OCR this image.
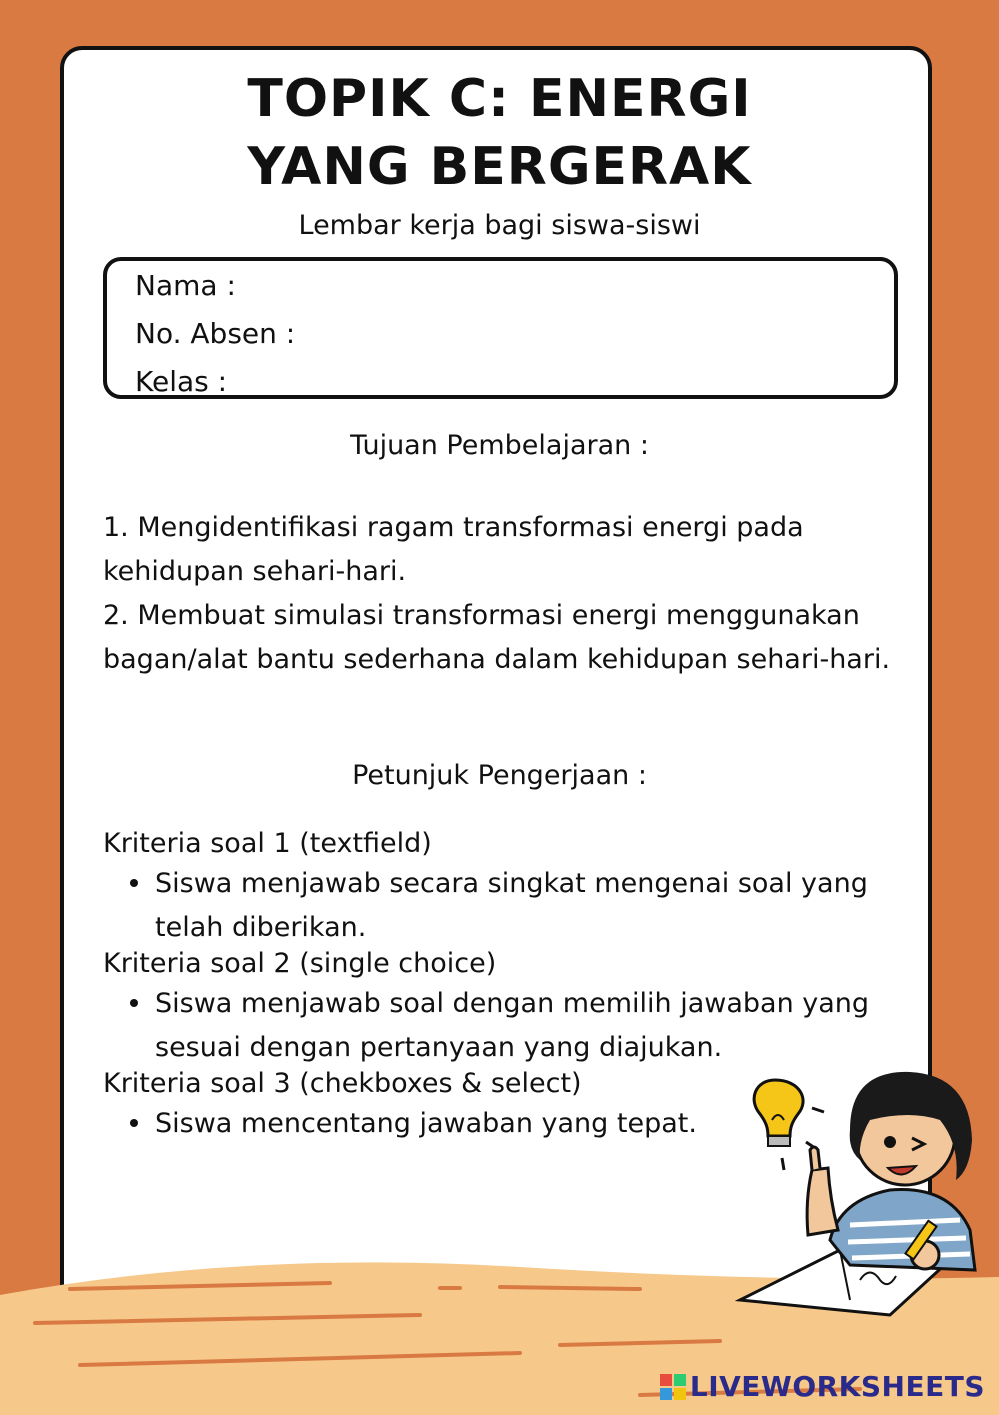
TOPIK C: ENERGI
YANG BERGERAK
Lembar kerja bagi siswa-siswi
Nama :
No. Absen :
Kelas :
Tujuan Pembelajaran :
1. Mengidentifikasi ragam transformasi energi pada kehidupan sehari-hari.
2. Membuat simulasi transformasi energi menggunakan bagan/alat bantu sederhana dalam kehidupan sehari-hari.
Petunjuk Pengerjaan :
Kriteria soal 1 (textfield)
Siswa menjawab secara singkat mengenai soal yang telah diberikan.
Kriteria soal 2 (single choice)
Siswa menjawab soal dengan memilih jawaban yang sesuai dengan pertanyaan yang diajukan.
Kriteria soal 3 (chekboxes & select)
Siswa mencentang jawaban yang tepat.
LIVEWORKSHEETS
